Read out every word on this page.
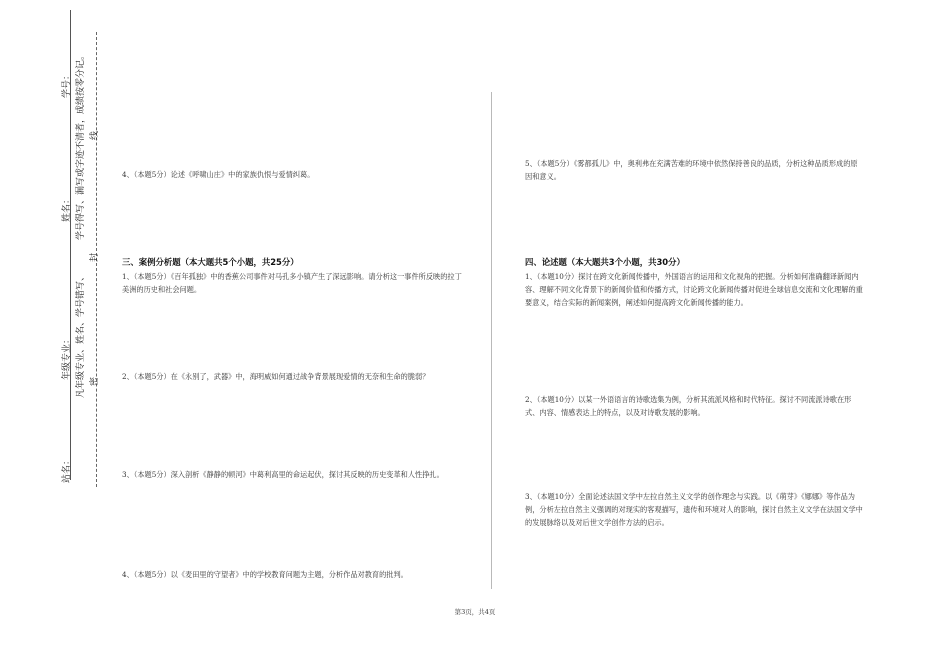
学号：
姓名：
年级专业：
站名：
学号得写、漏写或字迹不清者，成绩按零分记。
凡年级专业、姓名、学号错写、
线
封
密
4、（本题5分）论述《呼啸山庄》中的家族仇恨与爱情纠葛。
三、案例分析题（本大题共5个小题，共25分）
1、（本题5分）《百年孤独》中的香蕉公司事件对马孔多小镇产生了深远影响。请分析这一事件所反映的拉丁美洲的历史和社会问题。
2、（本题5分）在《永别了，武器》中，海明威如何通过战争背景展现爱情的无奈和生命的脆弱？
3、（本题5分）深入剖析《静静的顿河》中葛利高里的命运起伏，探讨其反映的历史变革和人性挣扎。
4、（本题5分）以《麦田里的守望者》中的学校教育问题为主题，分析作品对教育的批判。
5、（本题5分）《雾都孤儿》中，奥利弗在充满苦难的环境中依然保持善良的品质，分析这种品质形成的原因和意义。
四、论述题（本大题共3个小题，共30分）
1、（本题10分）探讨在跨文化新闻传播中，外国语言的运用和文化视角的把握。分析如何准确翻译新闻内容、理解不同文化背景下的新闻价值和传播方式，讨论跨文化新闻传播对促进全球信息交流和文化理解的重要意义，结合实际的新闻案例，阐述如何提高跨文化新闻传播的能力。
2、（本题10分）以某一外语语言的诗歌选集为例，分析其流派风格和时代特征。探讨不同流派诗歌在形式、内容、情感表达上的特点，以及对诗歌发展的影响。
3、（本题10分）全面论述法国文学中左拉自然主义文学的创作理念与实践。以《萌芽》《娜娜》等作品为例，分析左拉自然主义强调的对现实的客观描写，遗传和环境对人的影响，探讨自然主义文学在法国文学中的发展脉络以及对后世文学创作方法的启示。
第3页，共4页
